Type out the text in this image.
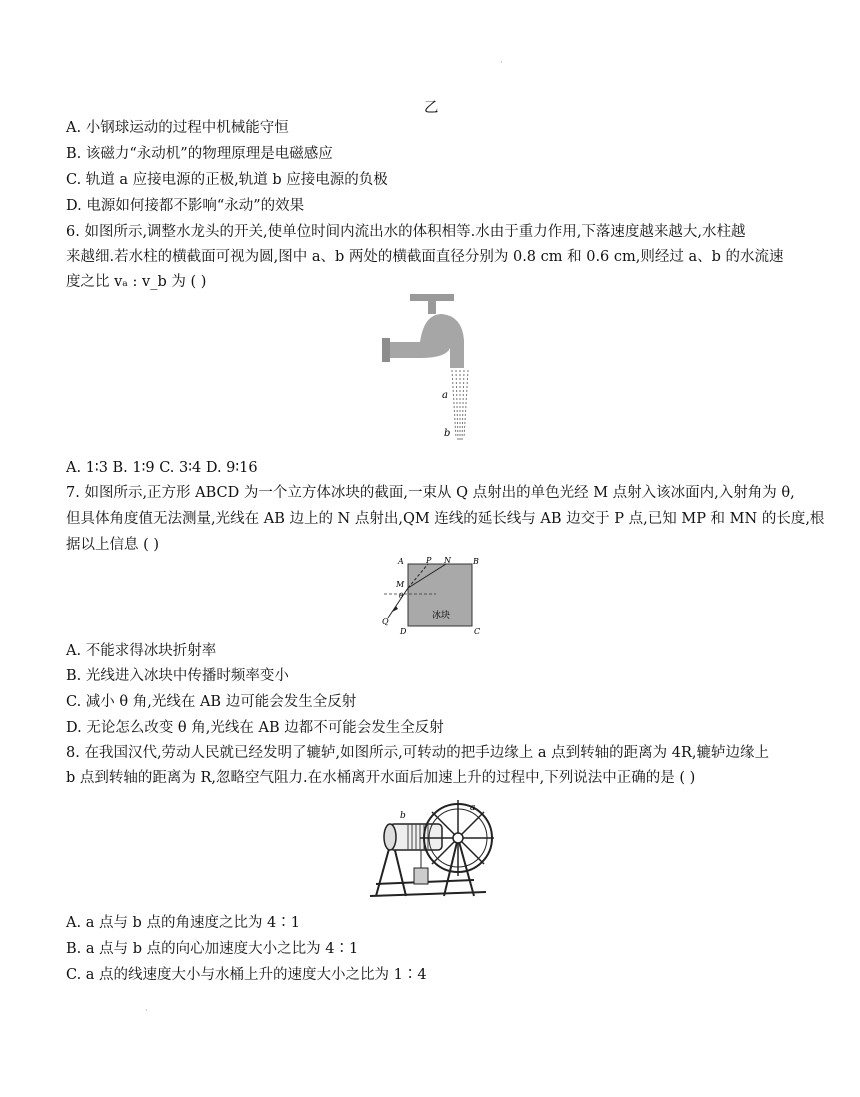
·
乙
A. 小钢球运动的过程中机械能守恒
B. 该磁力“永动机”的物理原理是电磁感应
C. 轨道 a 应接电源的正极,轨道 b 应接电源的负极
D. 电源如何接都不影响“永动”的效果
6. 如图所示,调整水龙头的开关,使单位时间内流出水的体积相等.水由于重力作用,下落速度越来越大,水柱越
来越细.若水柱的横截面可视为圆,图中 a、b 两处的横截面直径分别为 0.8 cm 和 0.6 cm,则经过 a、b 的水流速
度之比 vₐ : v_b 为 ( )
a
b
A. 1∶3 B. 1∶9 C. 3∶4 D. 9∶16
7. 如图所示,正方形 ABCD 为一个立方体冰块的截面,一束从 Q 点射出的单色光经 M 点射入该冰面内,入射角为 θ,
但具体角度值无法测量,光线在 AB 边上的 N 点射出,QM 连线的延长线与 AB 边交于 P 点,已知 MP 和 MN 的长度,根
据以上信息 ( )
A	P N	B
M
θ
Q
D	C
冰块
A. 不能求得冰块折射率
B. 光线进入冰块中传播时频率变小
C. 减小 θ 角,光线在 AB 边可能会发生全反射
D. 无论怎么改变 θ 角,光线在 AB 边都不可能会发生全反射
8. 在我国汉代,劳动人民就已经发明了辘轳,如图所示,可转动的把手边缘上 a 点到转轴的距离为 4R,辘轳边缘上
b 点到转轴的距离为 R,忽略空气阻力.在水桶离开水面后加速上升的过程中,下列说法中正确的是 ( )
b
a
A. a 点与 b 点的角速度之比为 4∶1
B. a 点与 b 点的向心加速度大小之比为 4∶1
C. a 点的线速度大小与水桶上升的速度大小之比为 1∶4
·
